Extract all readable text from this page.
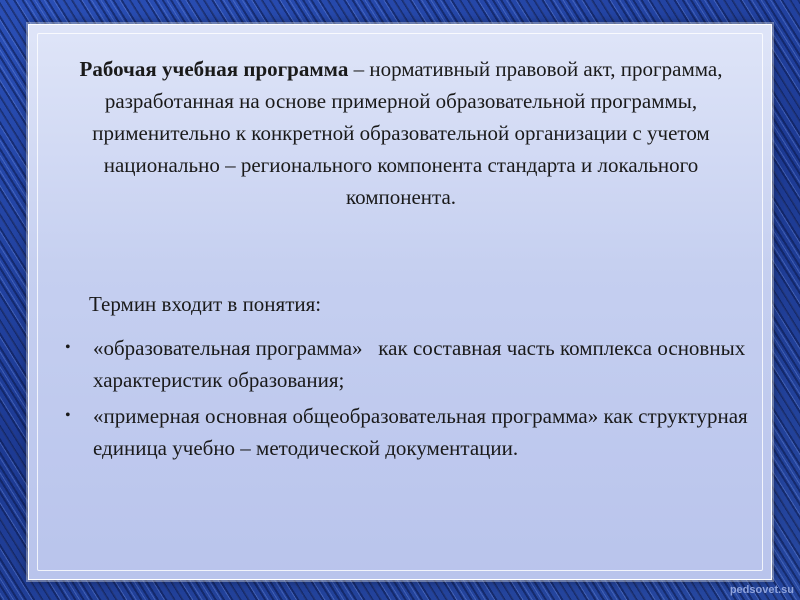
Рабочая учебная программа – нормативный правовой акт, программа, разработанная на основе примерной образовательной программы, применительно к конкретной образовательной организации с учетом национально – регионального компонента стандарта и локального компонента.

Термин входит в понятия:

• «образовательная программа»   как составная часть комплекса основных характеристик образования;
• «примерная основная общеобразовательная программа» как структурная единица учебно – методической документации.
pedsovet.su
